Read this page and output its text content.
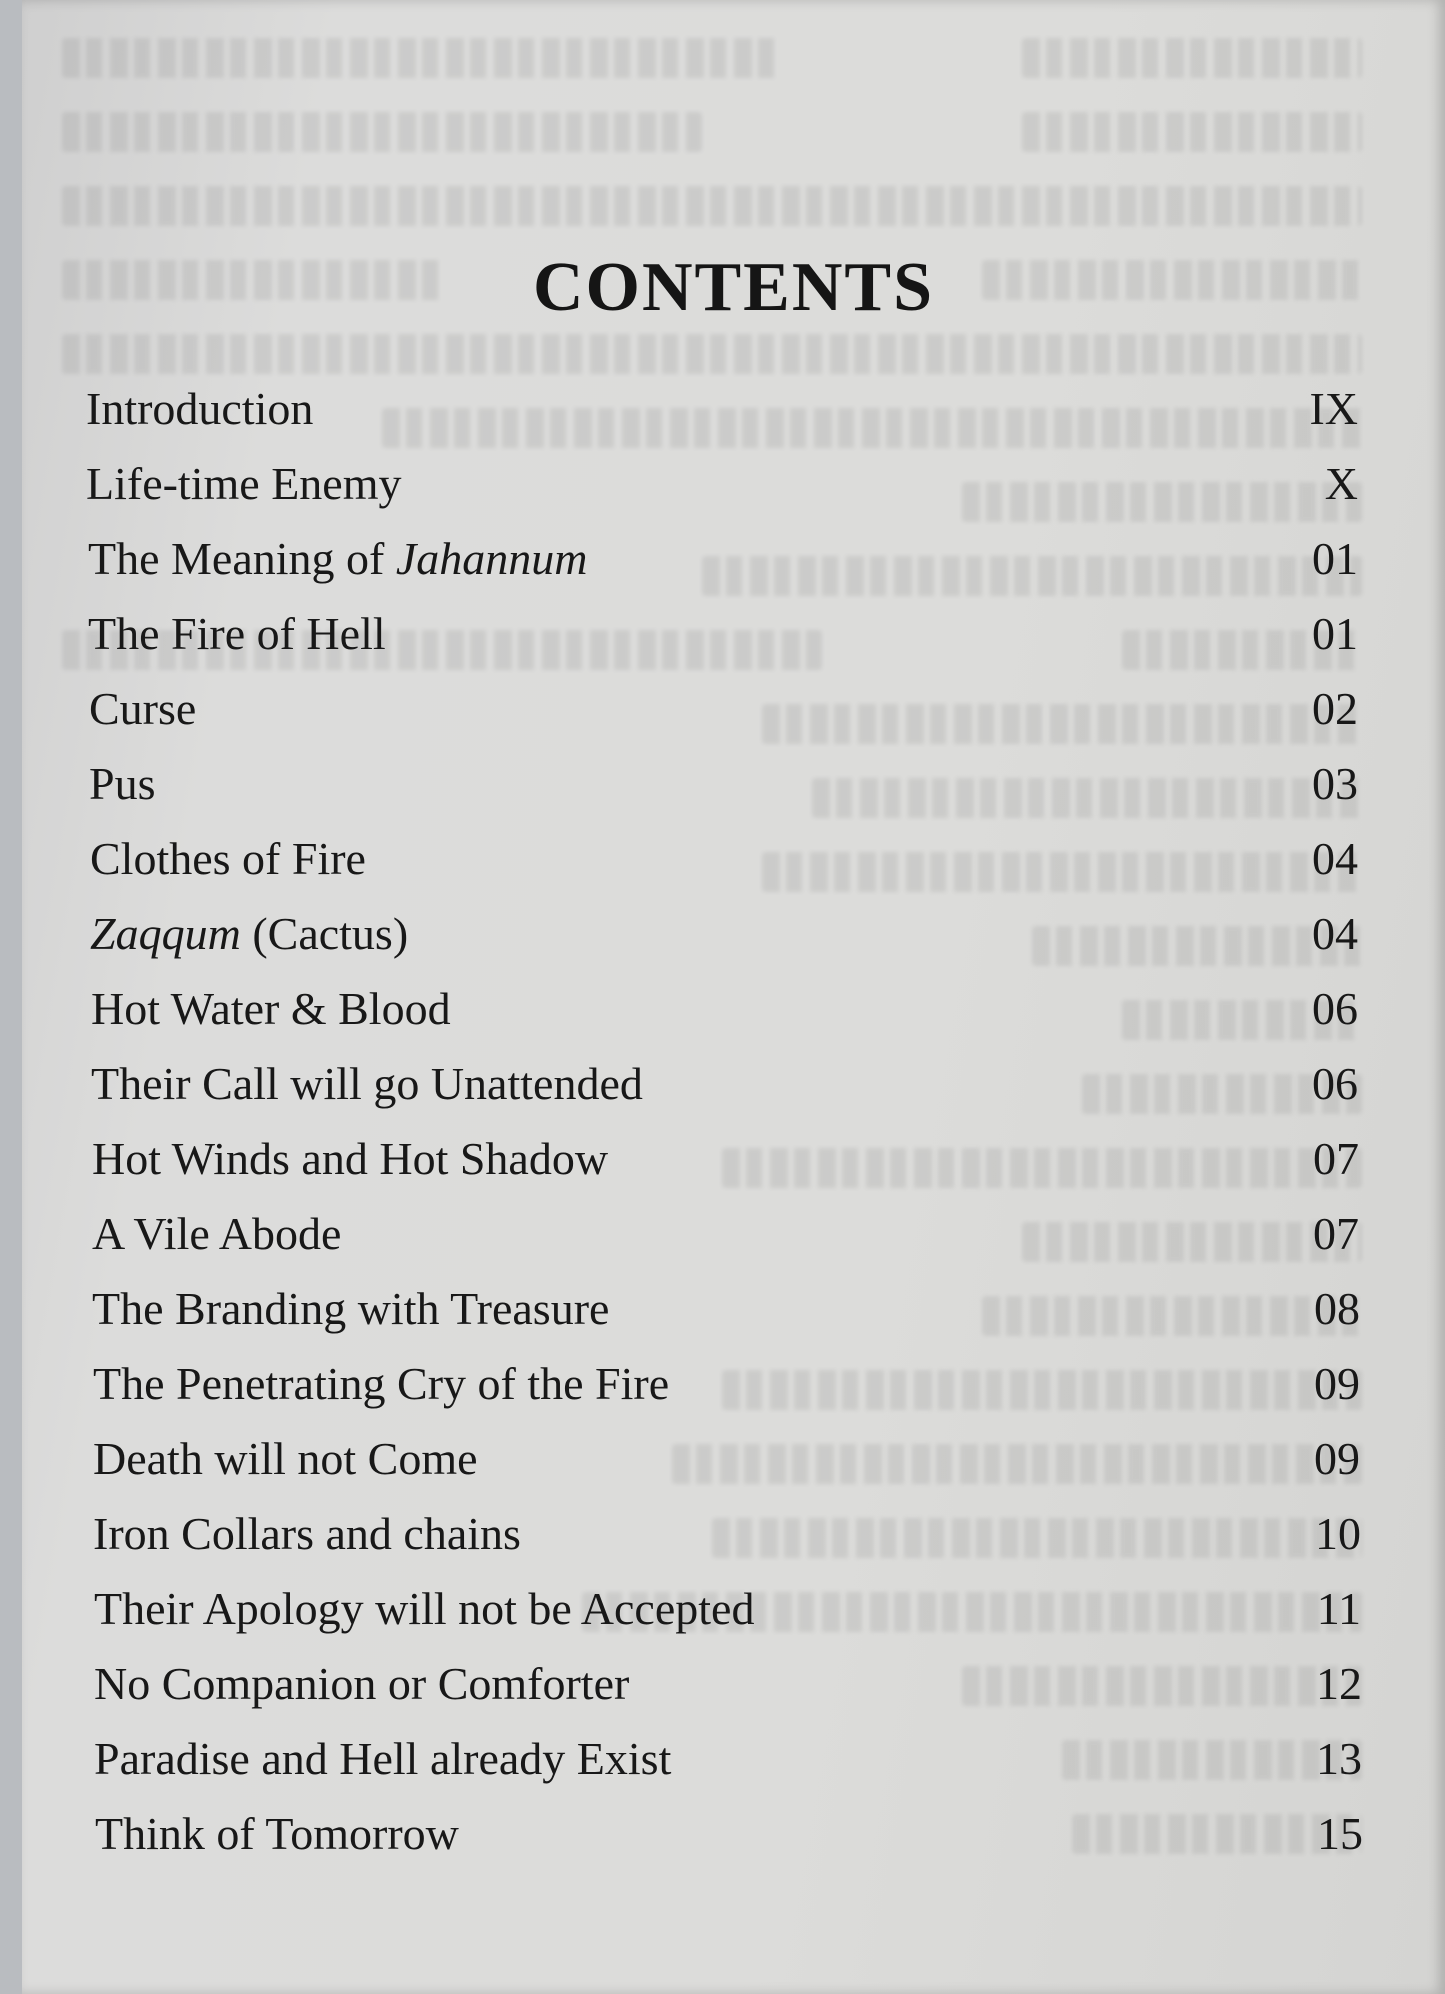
CONTENTS
Introduction	IX
Life-time Enemy	X
The Meaning of Jahannum	01
The Fire of Hell	01
Curse	02
Pus	03
Clothes of Fire	04
Zaqqum (Cactus)	04
Hot Water & Blood	06
Their Call will go Unattended	06
Hot Winds and Hot Shadow	07
A Vile Abode	07
The Branding with Treasure	08
The Penetrating Cry of the Fire	09
Death will not Come	09
Iron Collars and chains	10
Their Apology will not be Accepted	11
No Companion or Comforter	12
Paradise and Hell already Exist	13
Think of Tomorrow	15
